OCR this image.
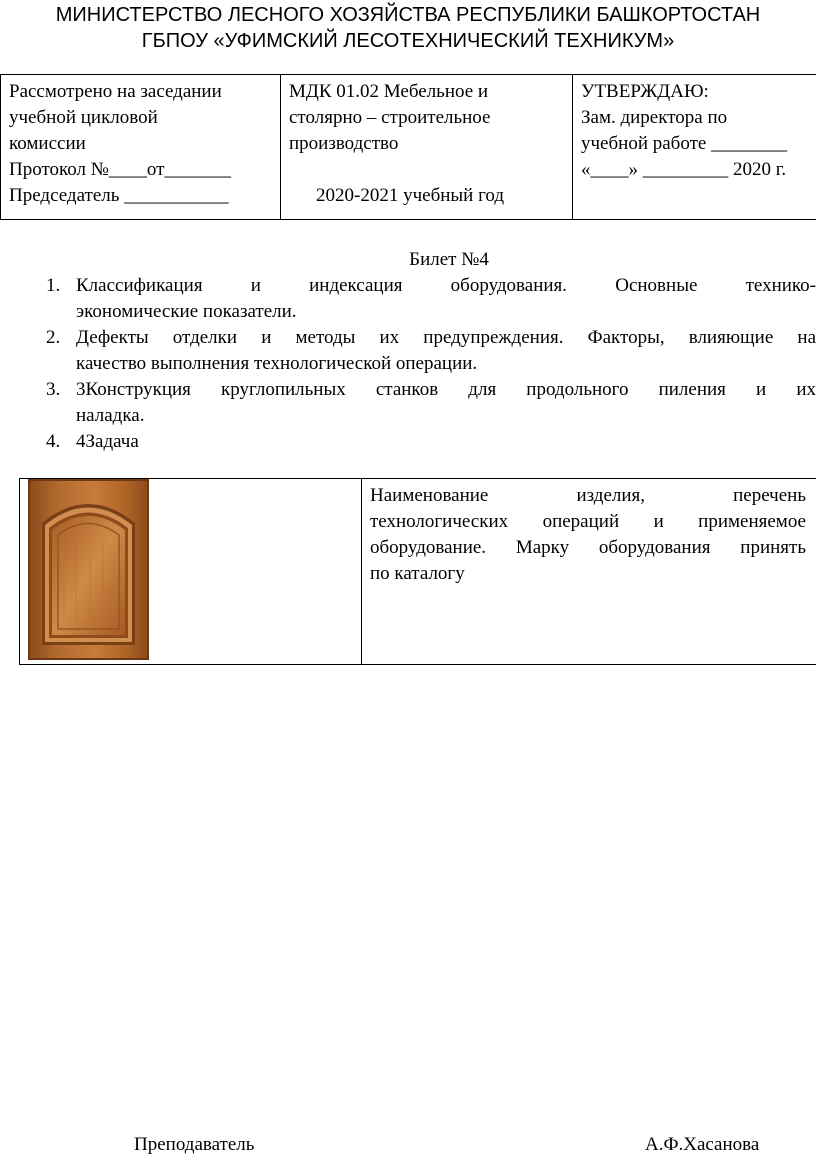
МИНИСТЕРСТВО ЛЕСНОГО ХОЗЯЙСТВА РЕСПУБЛИКИ БАШКОРТОСТАН
ГБПОУ «УФИМСКИЙ ЛЕСОТЕХНИЧЕСКИЙ ТЕХНИКУМ»
Рассмотрено на заседании
учебной цикловой
комиссии
Протокол №____от_______
Председатель ___________
МДК 01.02 Мебельное и
столярно – строительное
производство
2020-2021 учебный год
УТВЕРЖДАЮ:
Зам. директора по
учебной работе ________
«____» _________ 2020 г.
Билет №4
1. Классификация и индексация оборудования. Основные технико-
экономические показатели.
2. Дефекты отделки и методы их предупреждения. Факторы, влияющие на
качество выполнения технологической операции.
3. 3Конструкция круглопильных станков для продольного пиления и их
наладка.
4. 4Задача
Наименование изделия, перечень
технологических операций и применяемое
оборудование. Марку оборудования принять
по каталогу
Преподаватель	А.Ф.Хасанова
